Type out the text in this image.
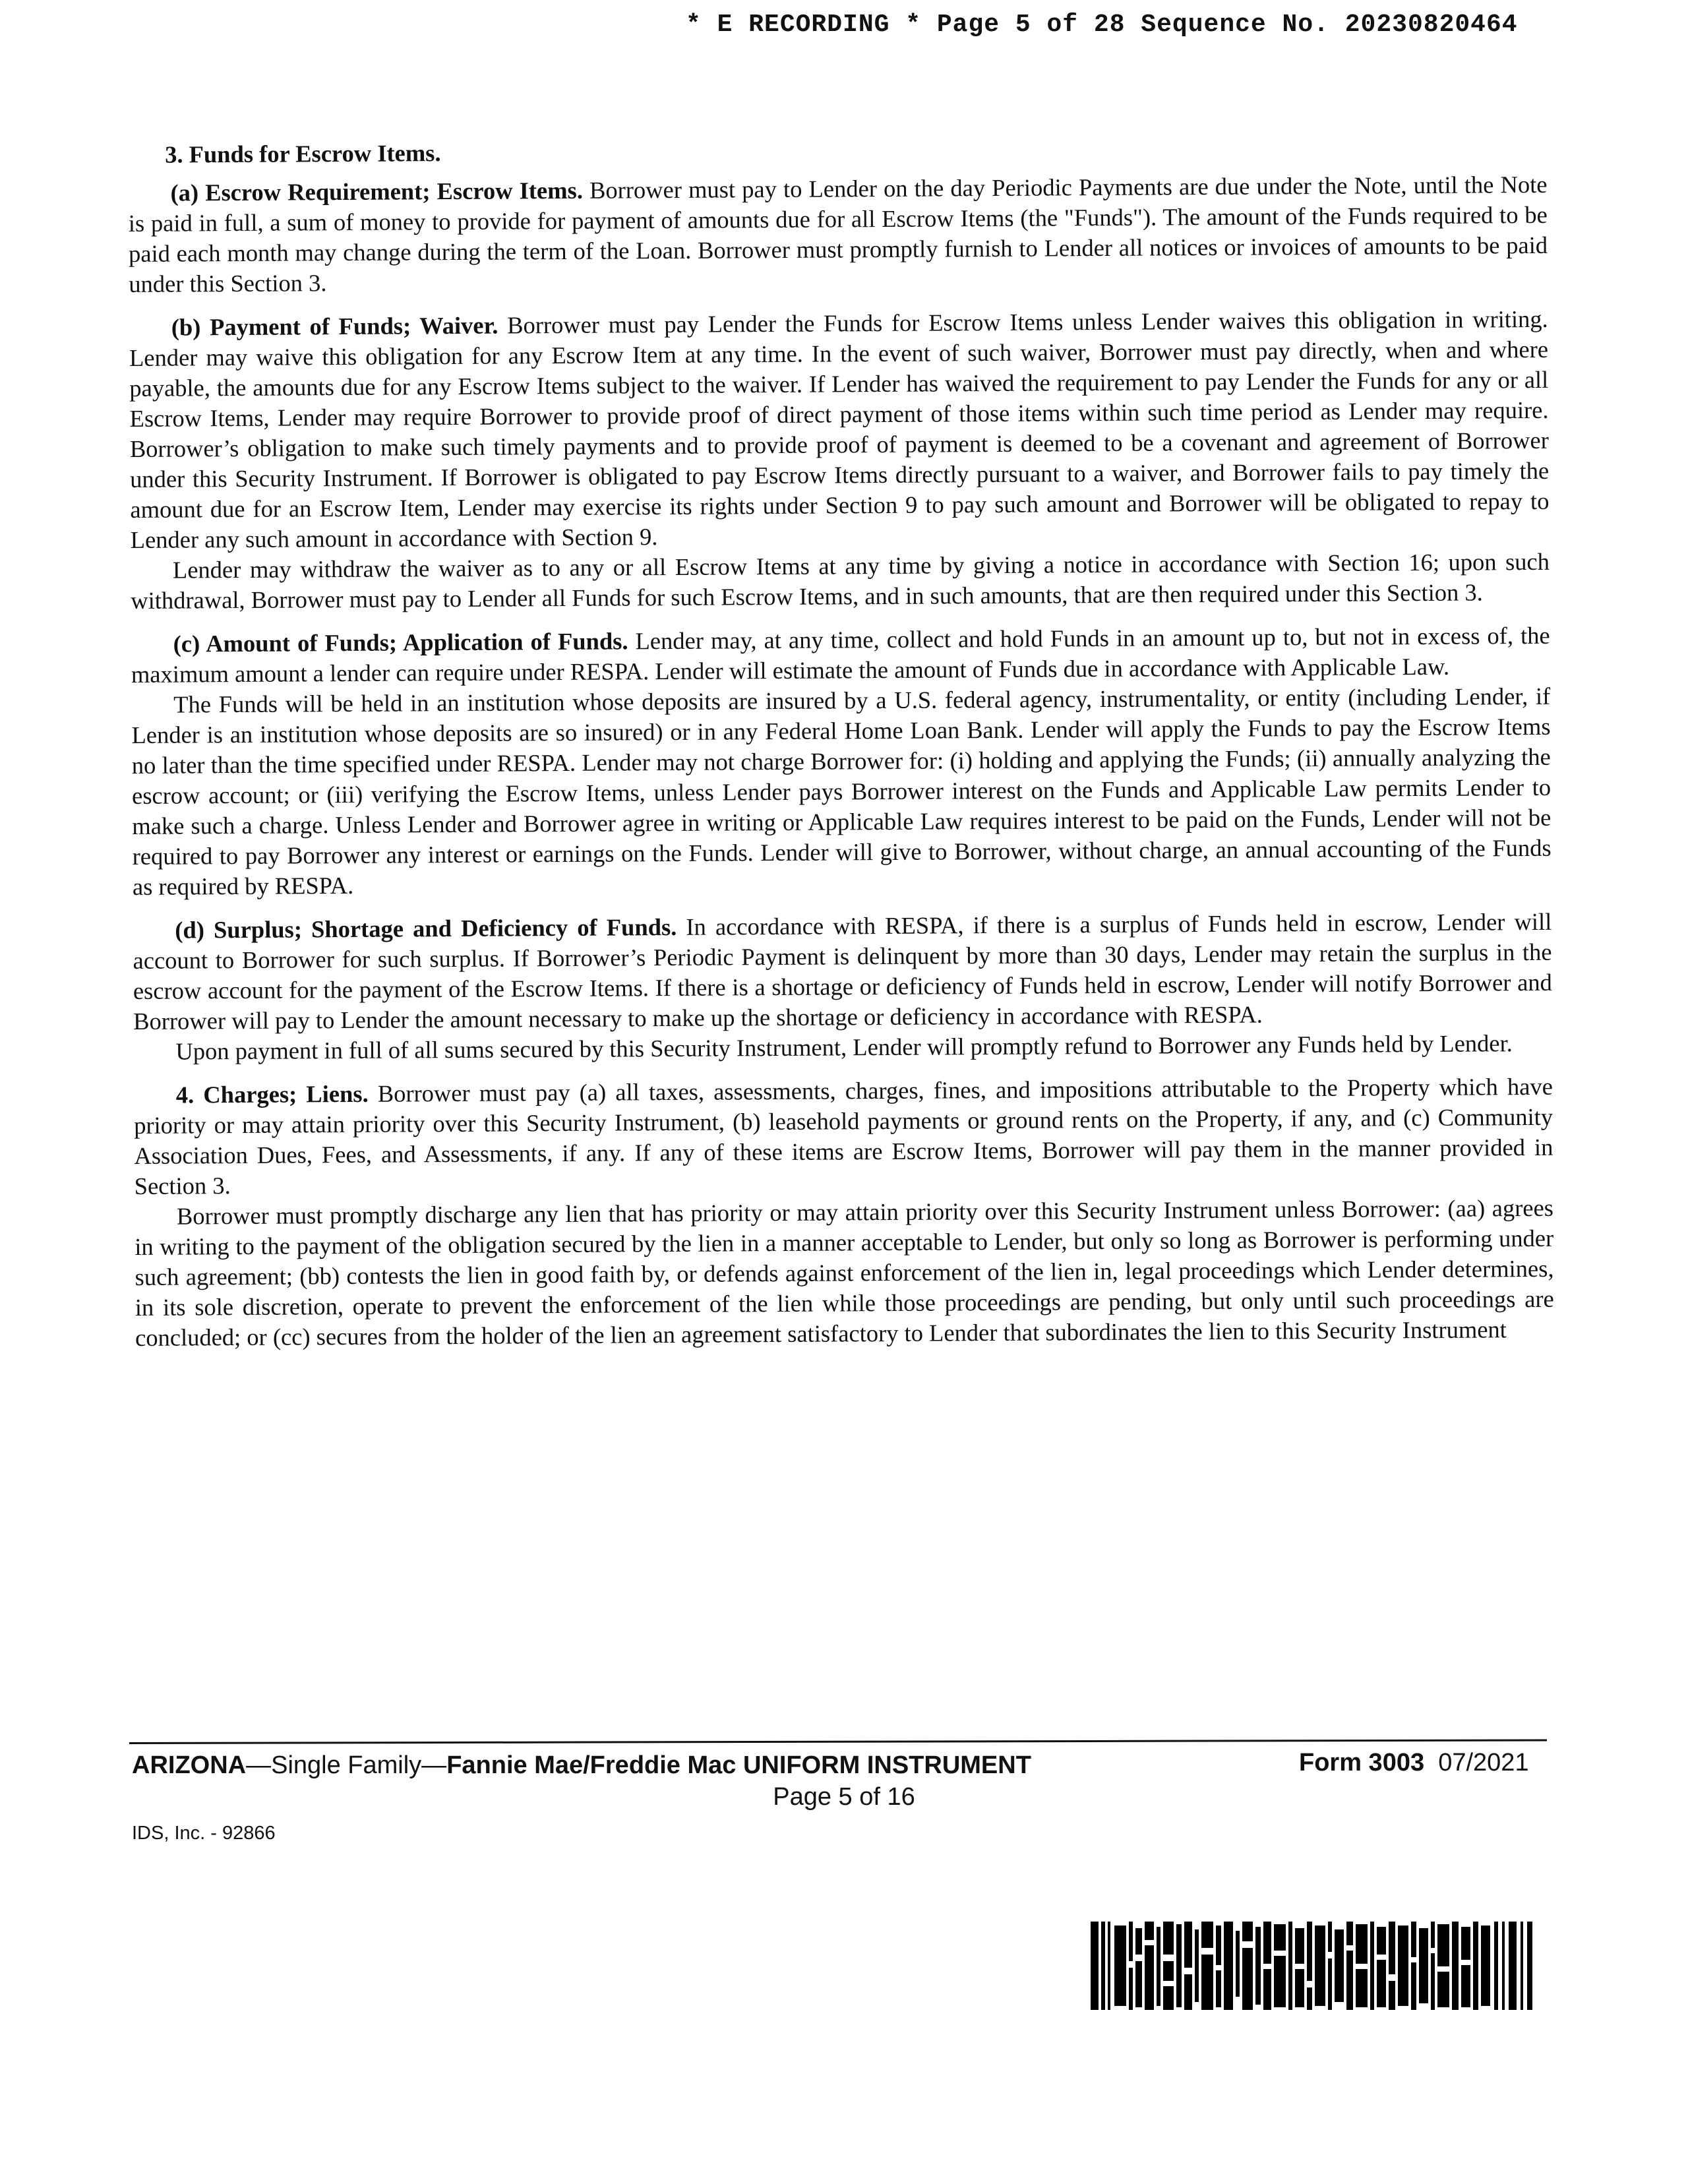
* E RECORDING * Page 5 of 28 Sequence No. 20230820464
3. Funds for Escrow Items.

(a) Escrow Requirement; Escrow Items. Borrower must pay to Lender on the day Periodic Payments are due under the Note, until the Note is paid in full, a sum of money to provide for payment of amounts due for all Escrow Items (the "Funds"). The amount of the Funds required to be paid each month may change during the term of the Loan. Borrower must promptly furnish to Lender all notices or invoices of amounts to be paid under this Section 3.

(b) Payment of Funds; Waiver. Borrower must pay Lender the Funds for Escrow Items unless Lender waives this obligation in writing. Lender may waive this obligation for any Escrow Item at any time. In the event of such waiver, Borrower must pay directly, when and where payable, the amounts due for any Escrow Items subject to the waiver. If Lender has waived the requirement to pay Lender the Funds for any or all Escrow Items, Lender may require Borrower to provide proof of direct payment of those items within such time period as Lender may require. Borrower’s obligation to make such timely payments and to provide proof of payment is deemed to be a covenant and agreement of Borrower under this Security Instrument. If Borrower is obligated to pay Escrow Items directly pursuant to a waiver, and Borrower fails to pay timely the amount due for an Escrow Item, Lender may exercise its rights under Section 9 to pay such amount and Borrower will be obligated to repay to Lender any such amount in accordance with Section 9.

Lender may withdraw the waiver as to any or all Escrow Items at any time by giving a notice in accordance with Section 16; upon such withdrawal, Borrower must pay to Lender all Funds for such Escrow Items, and in such amounts, that are then required under this Section 3.

(c) Amount of Funds; Application of Funds. Lender may, at any time, collect and hold Funds in an amount up to, but not in excess of, the maximum amount a lender can require under RESPA. Lender will estimate the amount of Funds due in accordance with Applicable Law.

The Funds will be held in an institution whose deposits are insured by a U.S. federal agency, instrumentality, or entity (including Lender, if Lender is an institution whose deposits are so insured) or in any Federal Home Loan Bank. Lender will apply the Funds to pay the Escrow Items no later than the time specified under RESPA. Lender may not charge Borrower for: (i) holding and applying the Funds; (ii) annually analyzing the escrow account; or (iii) verifying the Escrow Items, unless Lender pays Borrower interest on the Funds and Applicable Law permits Lender to make such a charge. Unless Lender and Borrower agree in writing or Applicable Law requires interest to be paid on the Funds, Lender will not be required to pay Borrower any interest or earnings on the Funds. Lender will give to Borrower, without charge, an annual accounting of the Funds as required by RESPA.

(d) Surplus; Shortage and Deficiency of Funds. In accordance with RESPA, if there is a surplus of Funds held in escrow, Lender will account to Borrower for such surplus. If Borrower’s Periodic Payment is delinquent by more than 30 days, Lender may retain the surplus in the escrow account for the payment of the Escrow Items. If there is a shortage or deficiency of Funds held in escrow, Lender will notify Borrower and Borrower will pay to Lender the amount necessary to make up the shortage or deficiency in accordance with RESPA.

Upon payment in full of all sums secured by this Security Instrument, Lender will promptly refund to Borrower any Funds held by Lender.

4. Charges; Liens. Borrower must pay (a) all taxes, assessments, charges, fines, and impositions attributable to the Property which have priority or may attain priority over this Security Instrument, (b) leasehold payments or ground rents on the Property, if any, and (c) Community Association Dues, Fees, and Assessments, if any. If any of these items are Escrow Items, Borrower will pay them in the manner provided in Section 3.

Borrower must promptly discharge any lien that has priority or may attain priority over this Security Instrument unless Borrower: (aa) agrees in writing to the payment of the obligation secured by the lien in a manner acceptable to Lender, but only so long as Borrower is performing under such agreement; (bb) contests the lien in good faith by, or defends against enforcement of the lien in, legal proceedings which Lender determines, in its sole discretion, operate to prevent the enforcement of the lien while those proceedings are pending, but only until such proceedings are concluded; or (cc) secures from the holder of the lien an agreement satisfactory to Lender that subordinates the lien to this Security Instrument

ARIZONA—Single Family—Fannie Mae/Freddie Mac UNIFORM INSTRUMENT	Form 3003 07/2021
Page 5 of 16
IDS, Inc. - 92866
